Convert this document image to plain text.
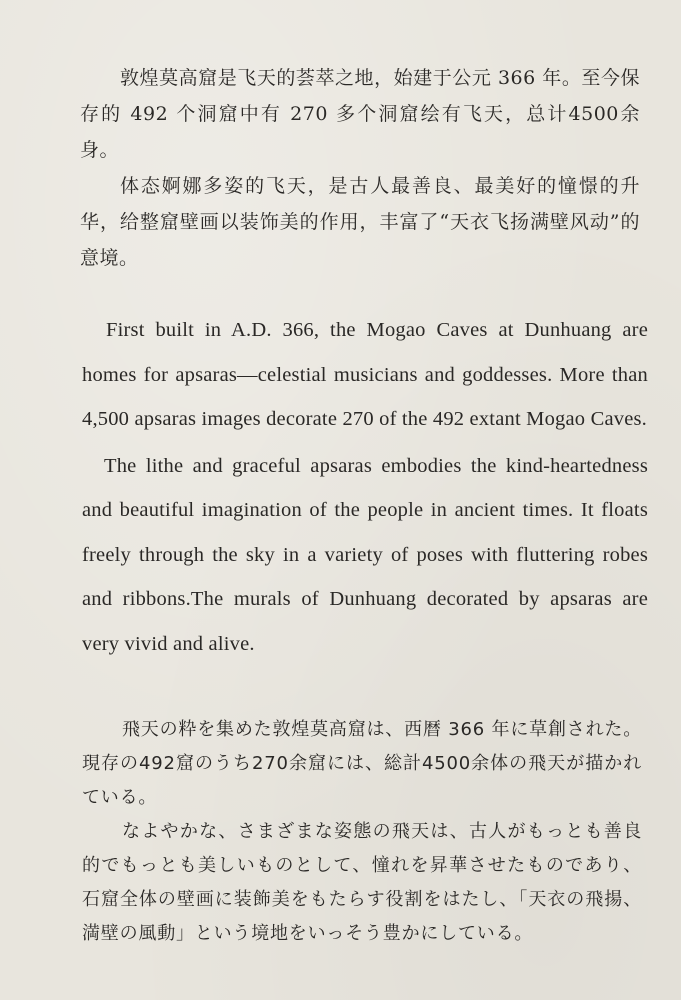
敦煌莫高窟是飞天的荟萃之地，始建于公元 366 年。至今保存的 492 个洞窟中有 270 多个洞窟绘有飞天，总计4500余身。

体态婀娜多姿的飞天，是古人最善良、最美好的憧憬的升华，给整窟壁画以装饰美的作用，丰富了“天衣飞扬满壁风动”的意境。

First built in A.D. 366, the Mogao Caves at Dunhuang are homes for apsaras—celestial musicians and goddesses. More than 4,500 apsaras images decorate 270 of the 492 extant Mogao Caves.

The lithe and graceful apsaras embodies the kind-heartedness and beautiful imagination of the people in ancient times. It floats freely through the sky in a variety of poses with fluttering robes and ribbons.The murals of Dunhuang decorated by apsaras are very vivid and alive.

飛天の粋を集めた敦煌莫高窟は、西暦 366 年に草創された。現存の492窟のうち270余窟には、総計4500余体の飛天が描かれている。

なよやかな、さまざまな姿態の飛天は、古人がもっとも善良的でもっとも美しいものとして、憧れを昇華させたものであり、石窟全体の壁画に装飾美をもたらす役割をはたし、「天衣の飛揚、満壁の風動」という境地をいっそう豊かにしている。
